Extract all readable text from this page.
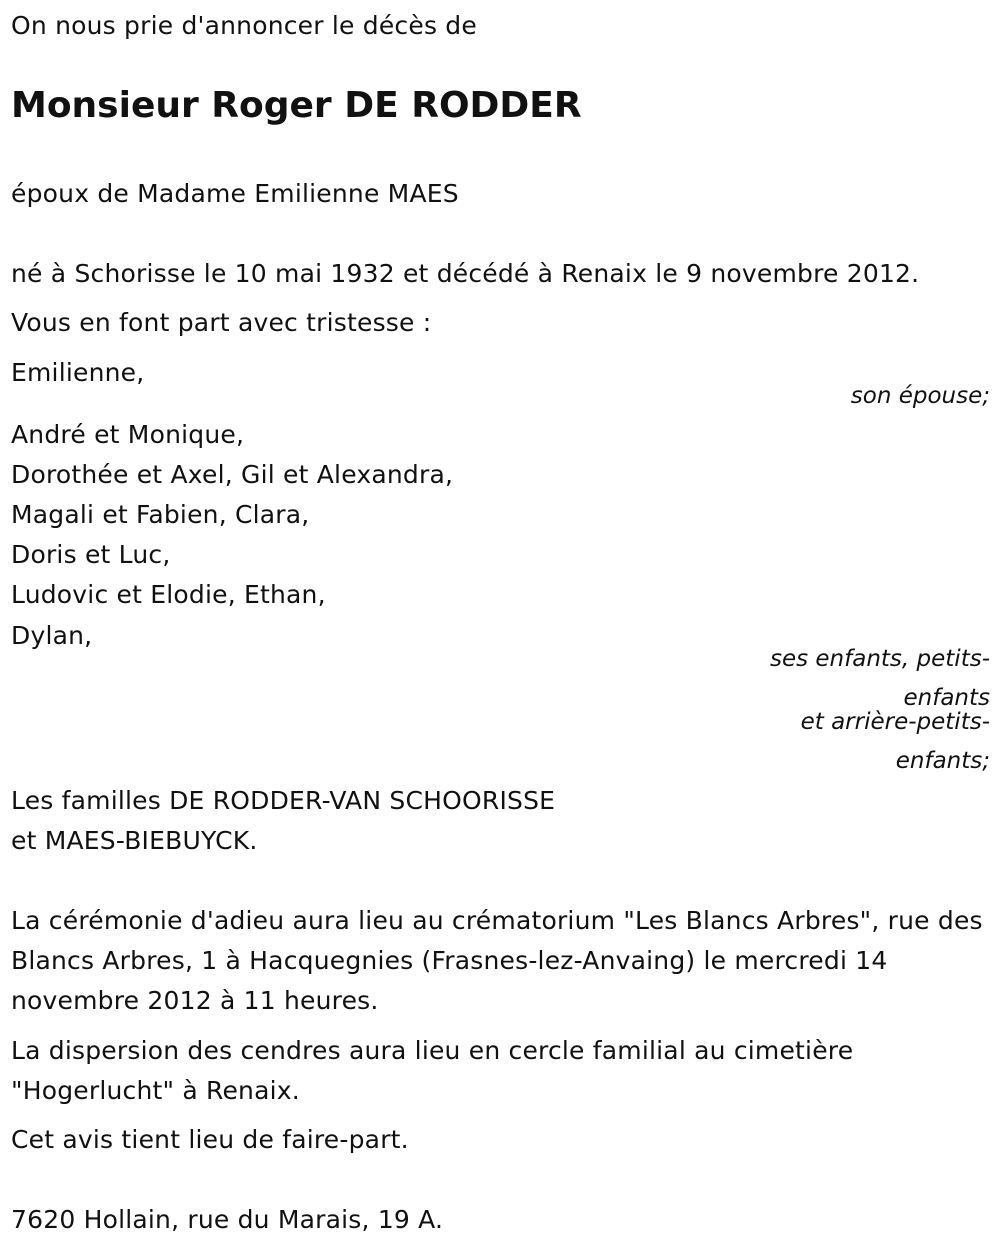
On nous prie d'annoncer le décès de
Monsieur Roger DE RODDER
époux de Madame Emilienne MAES
né à Schorisse le 10 mai 1932 et décédé à Renaix le 9 novembre 2012.
Vous en font part avec tristesse :
Emilienne,
son épouse;
André et Monique,
Dorothée et Axel, Gil et Alexandra,
Magali et Fabien, Clara,
Doris et Luc,
Ludovic et Elodie, Ethan,
Dylan,
ses enfants, petits-
enfants
et arrière-petits-
enfants;
Les familles DE RODDER-VAN SCHOORISSE
et MAES-BIEBUYCK.
La cérémonie d'adieu aura lieu au crématorium "Les Blancs Arbres", rue des Blancs Arbres, 1 à Hacquegnies (Frasnes-lez-Anvaing) le mercredi 14 novembre 2012 à 11 heures.
La dispersion des cendres aura lieu en cercle familial au cimetière "Hogerlucht" à Renaix.
Cet avis tient lieu de faire-part.
7620 Hollain, rue du Marais, 19 A.
